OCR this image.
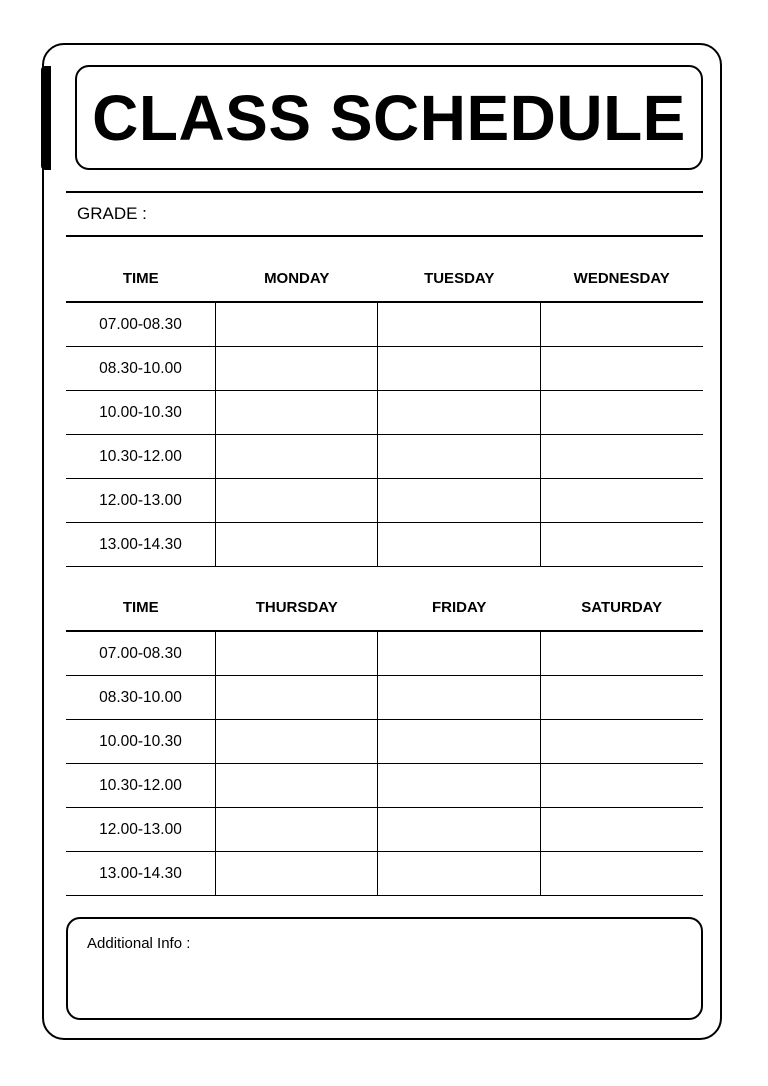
CLASS SCHEDULE
GRADE :
TIME	MONDAY	TUESDAY	WEDNESDAY
07.00-08.30			
08.30-10.00			
10.00-10.30			
10.30-12.00			
12.00-13.00			
13.00-14.30			
TIME	THURSDAY	FRIDAY	SATURDAY
07.00-08.30			
08.30-10.00			
10.00-10.30			
10.30-12.00			
12.00-13.00			
13.00-14.30			
Additional Info :
